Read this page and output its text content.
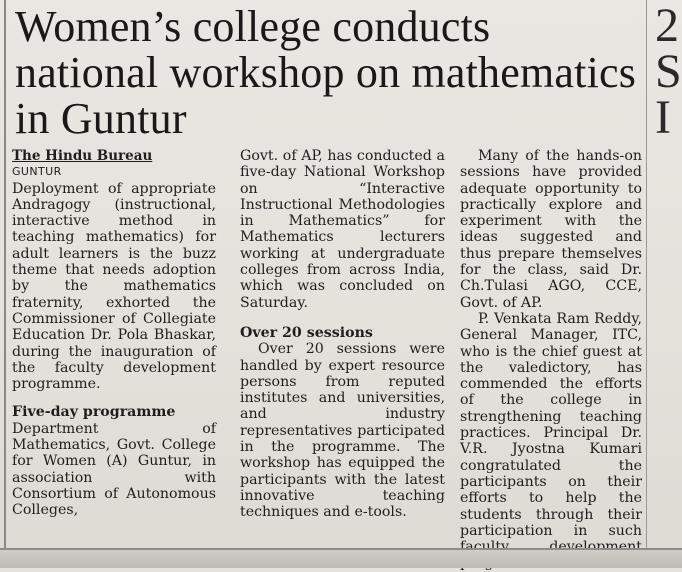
2
S
I
Women’s college conducts national workshop on mathematics in Guntur

The Hindu Bureau

GUNTUR

Deployment of appropriate Andragogy (instructional, interactive method in teaching mathematics) for adult learners is the buzz theme that needs adoption by the mathematics fraternity, exhorted the Commissioner of Collegiate Education Dr. Pola Bhaskar, during the inauguration of the faculty development programme.

Five-day programme

Department of Mathematics, Govt. College for Women (A) Guntur, in association with Consortium of Autonomous Colleges,

Govt. of AP, has conducted a five-day National Workshop on “Interactive Instructional Methodologies in Mathematics” for Mathematics lecturers working at undergraduate colleges from across India, which was concluded on Saturday.

Over 20 sessions

Over 20 sessions were handled by expert resource persons from reputed institutes and universities, and industry representatives participated in the programme. The workshop has equipped the participants with the latest innovative teaching techniques and e-tools.

Many of the hands-on sessions have provided adequate opportunity to practically explore and experiment with the ideas suggested and thus prepare themselves for the class, said Dr. Ch.Tulasi AGO, CCE, Govt. of AP.

P. Venkata Ram Reddy, General Manager, ITC, who is the chief guest at the valedictory, has commended the efforts of the college in strengthening teaching practices. Principal Dr. V.R. Jyostna Kumari congratulated the participants on their efforts to help the students through their participation in such
